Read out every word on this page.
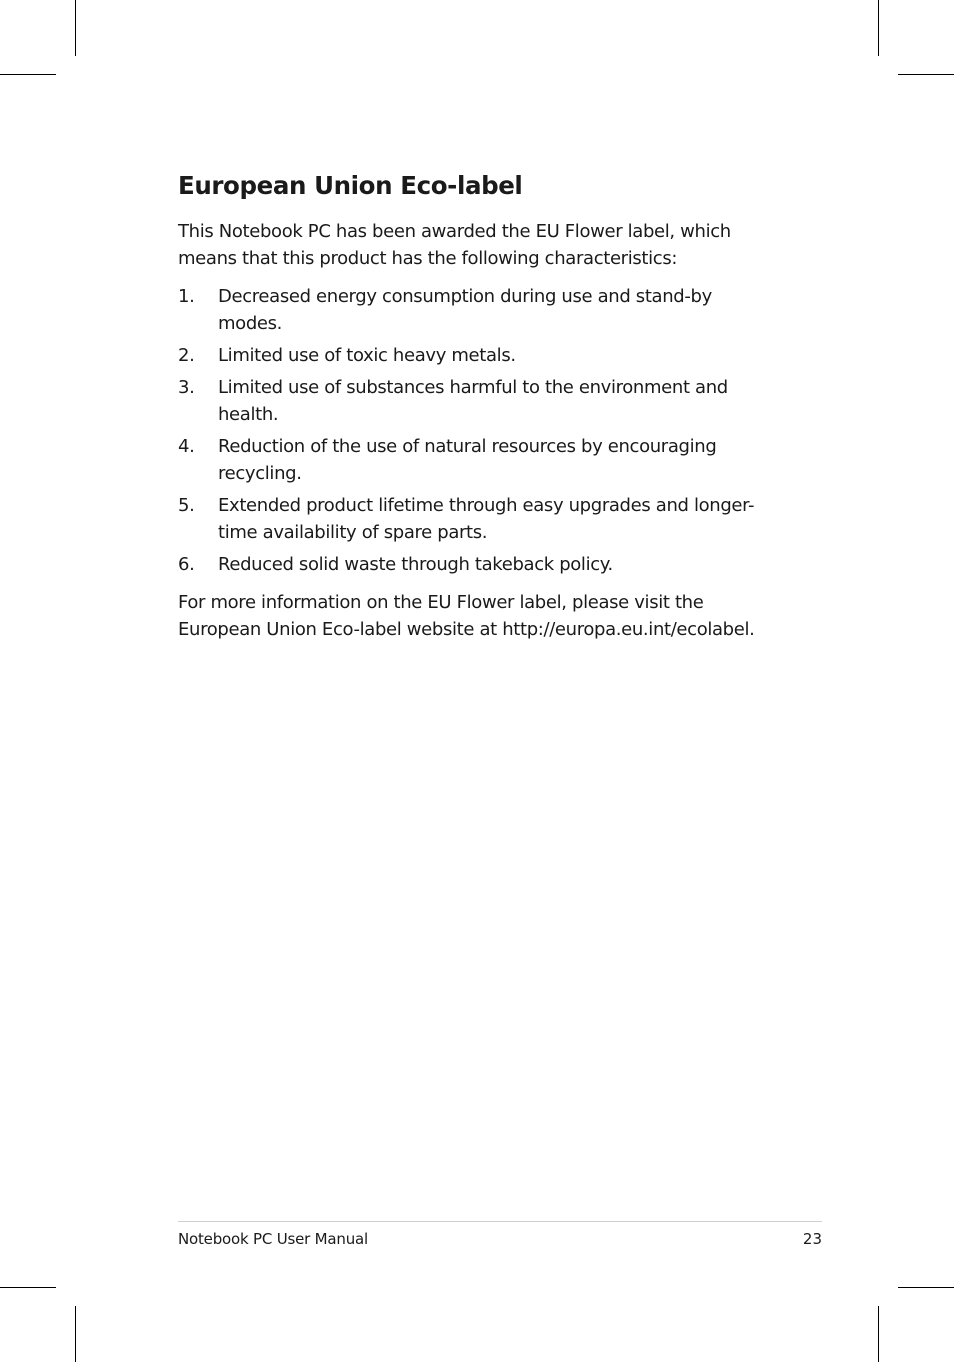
European Union Eco-label

This Notebook PC has been awarded the EU Flower label, which means that this product has the following characteristics:

1.	Decreased energy consumption during use and stand-by modes.
2.	Limited use of toxic heavy metals.
3.	Limited use of substances harmful to the environment and health.
4.	Reduction of the use of natural resources by encouraging recycling.
5.	Extended product lifetime through easy upgrades and longer-time availability of spare parts.
6.	Reduced solid waste through takeback policy.

For more information on the EU Flower label, please visit the European Union Eco-label website at http://europa.eu.int/ecolabel.

Notebook PC User Manual	23
